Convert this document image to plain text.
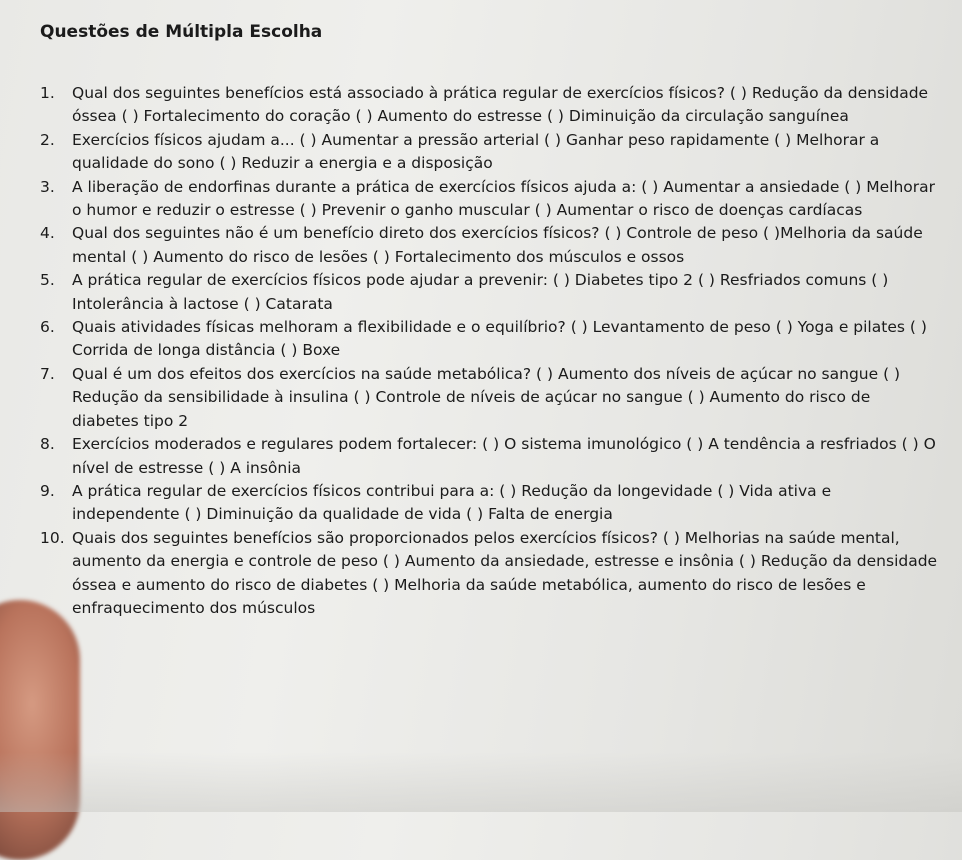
Questões de Múltipla Escolha
1. Qual dos seguintes benefícios está associado à prática regular de exercícios físicos? ( ) Redução da densidade óssea ( ) Fortalecimento do coração ( ) Aumento do estresse ( ) Diminuição da circulação sanguínea
2. Exercícios físicos ajudam a... ( ) Aumentar a pressão arterial ( ) Ganhar peso rapidamente ( ) Melhorar a qualidade do sono ( ) Reduzir a energia e a disposição
3. A liberação de endorfinas durante a prática de exercícios físicos ajuda a: ( ) Aumentar a ansiedade ( ) Melhorar o humor e reduzir o estresse ( ) Prevenir o ganho muscular ( ) Aumentar o risco de doenças cardíacas
4. Qual dos seguintes não é um benefício direto dos exercícios físicos? ( ) Controle de peso ( )Melhoria da saúde mental ( ) Aumento do risco de lesões ( ) Fortalecimento dos músculos e ossos
5. A prática regular de exercícios físicos pode ajudar a prevenir: ( ) Diabetes tipo 2 ( ) Resfriados comuns ( ) Intolerância à lactose ( ) Catarata
6. Quais atividades físicas melhoram a flexibilidade e o equilíbrio? ( ) Levantamento de peso ( ) Yoga e pilates ( ) Corrida de longa distância ( ) Boxe
7. Qual é um dos efeitos dos exercícios na saúde metabólica? ( ) Aumento dos níveis de açúcar no sangue ( ) Redução da sensibilidade à insulina ( ) Controle de níveis de açúcar no sangue ( ) Aumento do risco de diabetes tipo 2
8. Exercícios moderados e regulares podem fortalecer: ( ) O sistema imunológico ( ) A tendência a resfriados ( ) O nível de estresse ( ) A insônia
9. A prática regular de exercícios físicos contribui para a: ( ) Redução da longevidade ( ) Vida ativa e independente ( ) Diminuição da qualidade de vida ( ) Falta de energia
10. Quais dos seguintes benefícios são proporcionados pelos exercícios físicos? ( ) Melhorias na saúde mental, aumento da energia e controle de peso ( ) Aumento da ansiedade, estresse e insônia ( ) Redução da densidade óssea e aumento do risco de diabetes ( ) Melhoria da saúde metabólica, aumento do risco de lesões e enfraquecimento dos músculos
